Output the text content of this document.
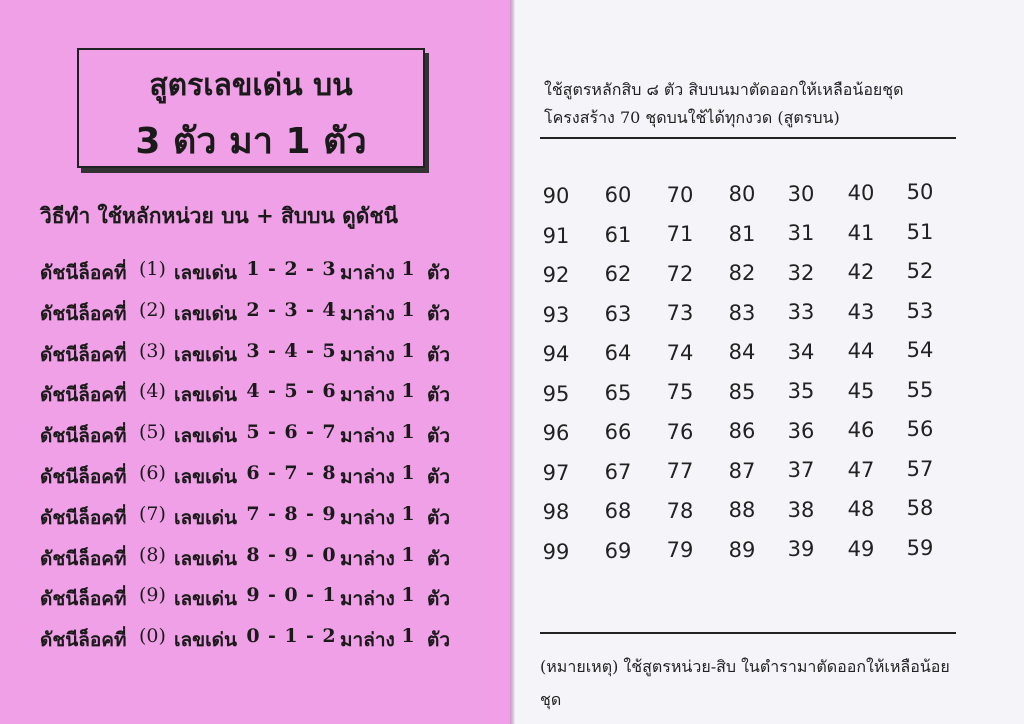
สูตรเลขเด่น บน
3 ตัว มา 1 ตัว
วิธีทำ ใช้หลักหน่วย บน + สิบบน ดูดัชนี
ดัชนีล็อคที่ (1) เลขเด่น 1 - 2 - 3 มาล่าง 1 ตัว
ดัชนีล็อคที่ (2) เลขเด่น 2 - 3 - 4 มาล่าง 1 ตัว
ดัชนีล็อคที่ (3) เลขเด่น 3 - 4 - 5 มาล่าง 1 ตัว
ดัชนีล็อคที่ (4) เลขเด่น 4 - 5 - 6 มาล่าง 1 ตัว
ดัชนีล็อคที่ (5) เลขเด่น 5 - 6 - 7 มาล่าง 1 ตัว
ดัชนีล็อคที่ (6) เลขเด่น 6 - 7 - 8 มาล่าง 1 ตัว
ดัชนีล็อคที่ (7) เลขเด่น 7 - 8 - 9 มาล่าง 1 ตัว
ดัชนีล็อคที่ (8) เลขเด่น 8 - 9 - 0 มาล่าง 1 ตัว
ดัชนีล็อคที่ (9) เลขเด่น 9 - 0 - 1 มาล่าง 1 ตัว
ดัชนีล็อคที่ (0) เลขเด่น 0 - 1 - 2 มาล่าง 1 ตัว
ใช้สูตรหลักสิบ ๘ ตัว สิบบนมาตัดออกให้เหลือน้อยชุด
โครงสร้าง 70 ชุดบนใช้ได้ทุกงวด (สูตรบน)
90	60	70	80	30	40	50
91	61	71	81	31	41	51
92	62	72	82	32	42	52
93	63	73	83	33	43	53
94	64	74	84	34	44	54
95	65	75	85	35	45	55
96	66	76	86	36	46	56
97	67	77	87	37	47	57
98	68	78	88	38	48	58
99	69	79	89	39	49	59
(หมายเหตุ) ใช้สูตรหน่วย-สิบ ในตำรามาตัดออกให้เหลือน้อยชุด
